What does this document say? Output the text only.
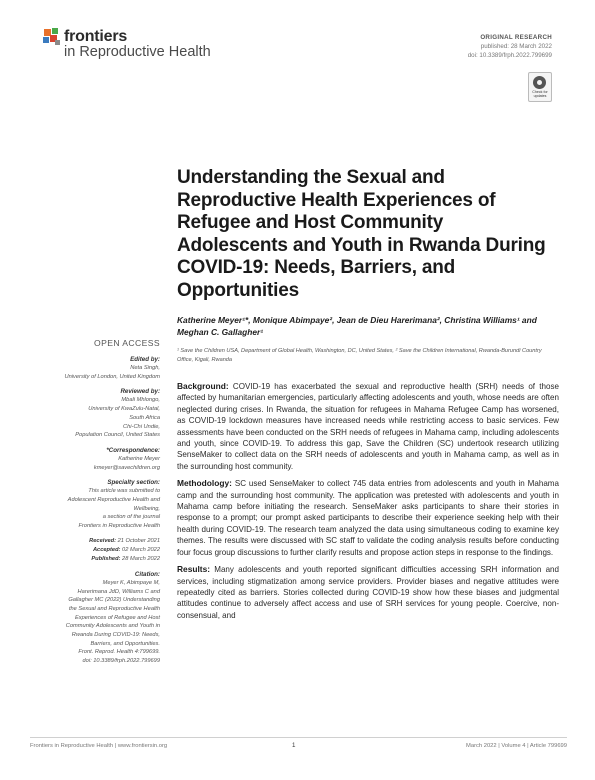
frontiers
in Reproductive Health
ORIGINAL RESEARCH
published: 28 March 2022
doi: 10.3389/frph.2022.799699
Check for updates
Understanding the Sexual and Reproductive Health Experiences of Refugee and Host Community Adolescents and Youth in Rwanda During COVID-19: Needs, Barriers, and Opportunities
Katherine Meyer¹*, Monique Abimpaye², Jean de Dieu Harerimana², Christina Williams¹ and Meghan C. Gallagher¹
¹ Save the Children USA, Department of Global Health, Washington, DC, United States, ² Save the Children International, Rwanda-Burundi Country Office, Kigali, Rwanda
OPEN ACCESS
Edited by:
Neta Singh,
University of London, United Kingdom
Reviewed by:
Mbali Mhlongo,
University of KwaZulu-Natal,
South Africa
Chi-Chi Undie,
Population Council, United States
*Correspondence:
Katherine Meyer
kmeyer@savechildren.org
Specialty section:
This article was submitted to
Adolescent Reproductive Health and
Wellbeing,
a section of the journal
Frontiers in Reproductive Health
Received: 21 October 2021
Accepted: 02 March 2022
Published: 28 March 2022
Citation:
Meyer K, Abimpaye M,
Harerimana JdD, Williams C and
Gallagher MC (2022) Understanding
the Sexual and Reproductive Health
Experiences of Refugee and Host
Community Adolescents and Youth in
Rwanda During COVID-19: Needs,
Barriers, and Opportunities.
Front. Reprod. Health 4:799699.
doi: 10.3389/frph.2022.799699

Background: COVID-19 has exacerbated the sexual and reproductive health (SRH) needs of those affected by humanitarian emergencies, particularly affecting adolescents and youth, whose needs are often neglected during crises. In Rwanda, the situation for refugees in Mahama Refugee Camp has worsened, as COVID-19 lockdown measures have increased needs while restricting access to basic services. Few assessments have been conducted on the SRH needs of refugees in Mahama camp, including adolescents and youth, since COVID-19. To address this gap, Save the Children (SC) undertook research utilizing SenseMaker to collect data on the SRH needs of adolescents and youth in Mahama camp, as well as in the surrounding host community.

Methodology: SC used SenseMaker to collect 745 data entries from adolescents and youth in Mahama camp and the surrounding host community. The application was pretested with adolescents and youth in Mahama camp before initiating the research. SenseMaker asks participants to share their stories in response to a prompt; our prompt asked participants to describe their experience seeking help with their health during COVID-19. The research team analyzed the data using simultaneous coding to examine key themes. The results were discussed with SC staff to validate the coding analysis results before conducting four focus group discussions to further clarify results and propose action steps in response to the findings.

Results: Many adolescents and youth reported significant difficulties accessing SRH information and services, including stigmatization among service providers. Provider biases and negative attitudes were repeatedly cited as barriers. Stories collected during COVID-19 show how these biases and judgmental attitudes continue to adversely affect access and use of SRH services for young people. Coercive, non-consensual, and

Frontiers in Reproductive Health | www.frontiersin.org	1	March 2022 | Volume 4 | Article 799699
